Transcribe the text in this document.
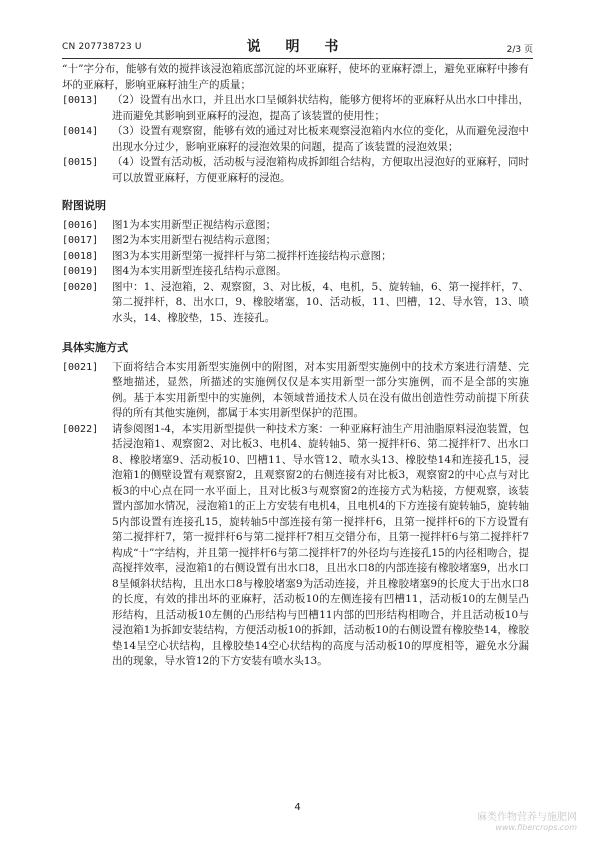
CN 207738723 U	说 明 书	2/3 页

“十”字分布，能够有效的搅拌该浸泡箱底部沉淀的坏亚麻籽，使坏的亚麻籽漂上，避免亚麻籽中掺有坏的亚麻籽，影响亚麻籽油生产的质量；

[0013]	（2）设置有出水口，并且出水口呈倾斜状结构，能够方便将坏的亚麻籽从出水口中排出，进而避免其影响到亚麻籽的浸泡，提高了该装置的使用性；
[0014]	（3）设置有观察窗，能够有效的通过对比板来观察浸泡箱内水位的变化，从而避免浸泡中出现水分过少，影响亚麻籽的浸泡效果的问题，提高了该装置的浸泡效果；
[0015]	（4）设置有活动板，活动板与浸泡箱构成拆卸组合结构，方便取出浸泡好的亚麻籽，同时可以放置亚麻籽，方便亚麻籽的浸泡。
附图说明
[0016]	图1为本实用新型正视结构示意图；
[0017]	图2为本实用新型右视结构示意图；
[0018]	图3为本实用新型第一搅拌杆与第二搅拌杆连接结构示意图；
[0019]	图4为本实用新型连接孔结构示意图。
[0020]	图中：1、浸泡箱，2、观察窗，3、对比板，4、电机，5、旋转轴，6、第一搅拌杆，7、第二搅拌杆，8、出水口，9、橡胶堵塞，10、活动板，11、凹槽，12、导水管，13、喷水头，14、橡胶垫，15、连接孔。
具体实施方式
[0021]	下面将结合本实用新型实施例中的附图，对本实用新型实施例中的技术方案进行清楚、完整地描述，显然，所描述的实施例仅仅是本实用新型一部分实施例，而不是全部的实施例。基于本实用新型中的实施例，本领域普通技术人员在没有做出创造性劳动前提下所获得的所有其他实施例，都属于本实用新型保护的范围。
[0022]	请参阅图1-4，本实用新型提供一种技术方案：一种亚麻籽油生产用油脂原料浸泡装置，包括浸泡箱1、观察窗2、对比板3、电机4、旋转轴5、第一搅拌杆6、第二搅拌杆7、出水口8、橡胶堵塞9、活动板10、凹槽11、导水管12、喷水头13、橡胶垫14和连接孔15，浸泡箱1的侧壁设置有观察窗2，且观察窗2的右侧连接有对比板3，观察窗2的中心点与对比板3的中心点在同一水平面上，且对比板3与观察窗2的连接方式为粘接，方便观察，该装置内部加水情况，浸泡箱1的正上方安装有电机4，且电机4的下方连接有旋转轴5，旋转轴5内部设置有连接孔15，旋转轴5中部连接有第一搅拌杆6，且第一搅拌杆6的下方设置有第二搅拌杆7，第一搅拌杆6与第二搅拌杆7相互交错分布，且第一搅拌杆6与第二搅拌杆7构成“十”字结构，并且第一搅拌杆6与第二搅拌杆7的外径均与连接孔15的内径相吻合，提高搅拌效率，浸泡箱1的右侧设置有出水口8，且出水口8的内部连接有橡胶堵塞9，出水口8呈倾斜状结构，且出水口8与橡胶堵塞9为活动连接，并且橡胶堵塞9的长度大于出水口8的长度，有效的排出坏的亚麻籽，活动板10的左侧连接有凹槽11，活动板10的左侧呈凸形结构，且活动板10左侧的凸形结构与凹槽11内部的凹形结构相吻合，并且活动板10与浸泡箱1为拆卸安装结构，方便活动板10的拆卸，活动板10的右侧设置有橡胶垫14，橡胶垫14呈空心状结构，且橡胶垫14空心状结构的高度与活动板10的厚度相等，避免水分漏出的现象，导水管12的下方安装有喷水头13。
4
麻类作物营养与施肥网
www.fibercrops.com
